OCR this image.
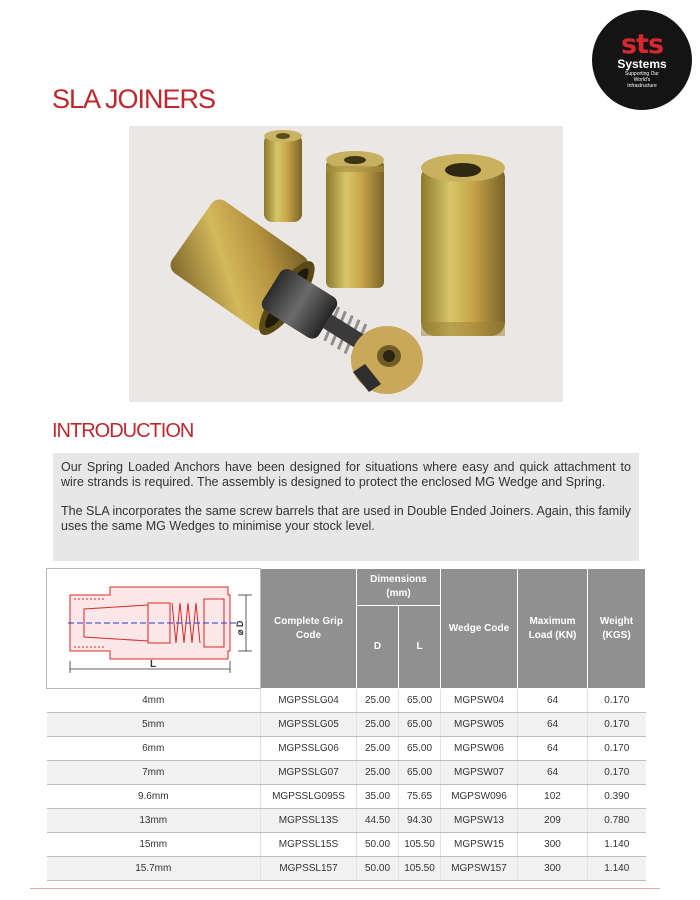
sts
Systems
Supporting Our World's Infrastructure
SLA JOINERS
INTRODUCTION

Our Spring Loaded Anchors have been designed for situations where easy and quick attachment to wire strands is required. The assembly is designed to protect the enclosed MG Wedge and Spring.

The SLA incorporates the same screw barrels that are used in Double Ended Joiners. Again, this family uses the same MG Wedges to minimise your stock level.

L
⌀ D	Complete Grip Code	Dimensions (mm)		Wedge Code	Maximum Load (KN)	Weight (KGS)
		D	L			
4mm	MGPSSLG04	25.00	65.00	MGPSW04	64	0.170
5mm	MGPSSLG05	25.00	65.00	MGPSW05	64	0.170
6mm	MGPSSLG06	25.00	65.00	MGPSW06	64	0.170
7mm	MGPSSLG07	25.00	65.00	MGPSW07	64	0.170
9.6mm	MGPSSLG095S	35.00	75.65	MGPSW096	102	0.390
13mm	MGPSSL13S	44.50	94.30	MGPSW13	209	0.780
15mm	MGPSSL15S	50.00	105.50	MGPSW15	300	1.140
15.7mm	MGPSSL157	50.00	105.50	MGPSW157	300	1.140
